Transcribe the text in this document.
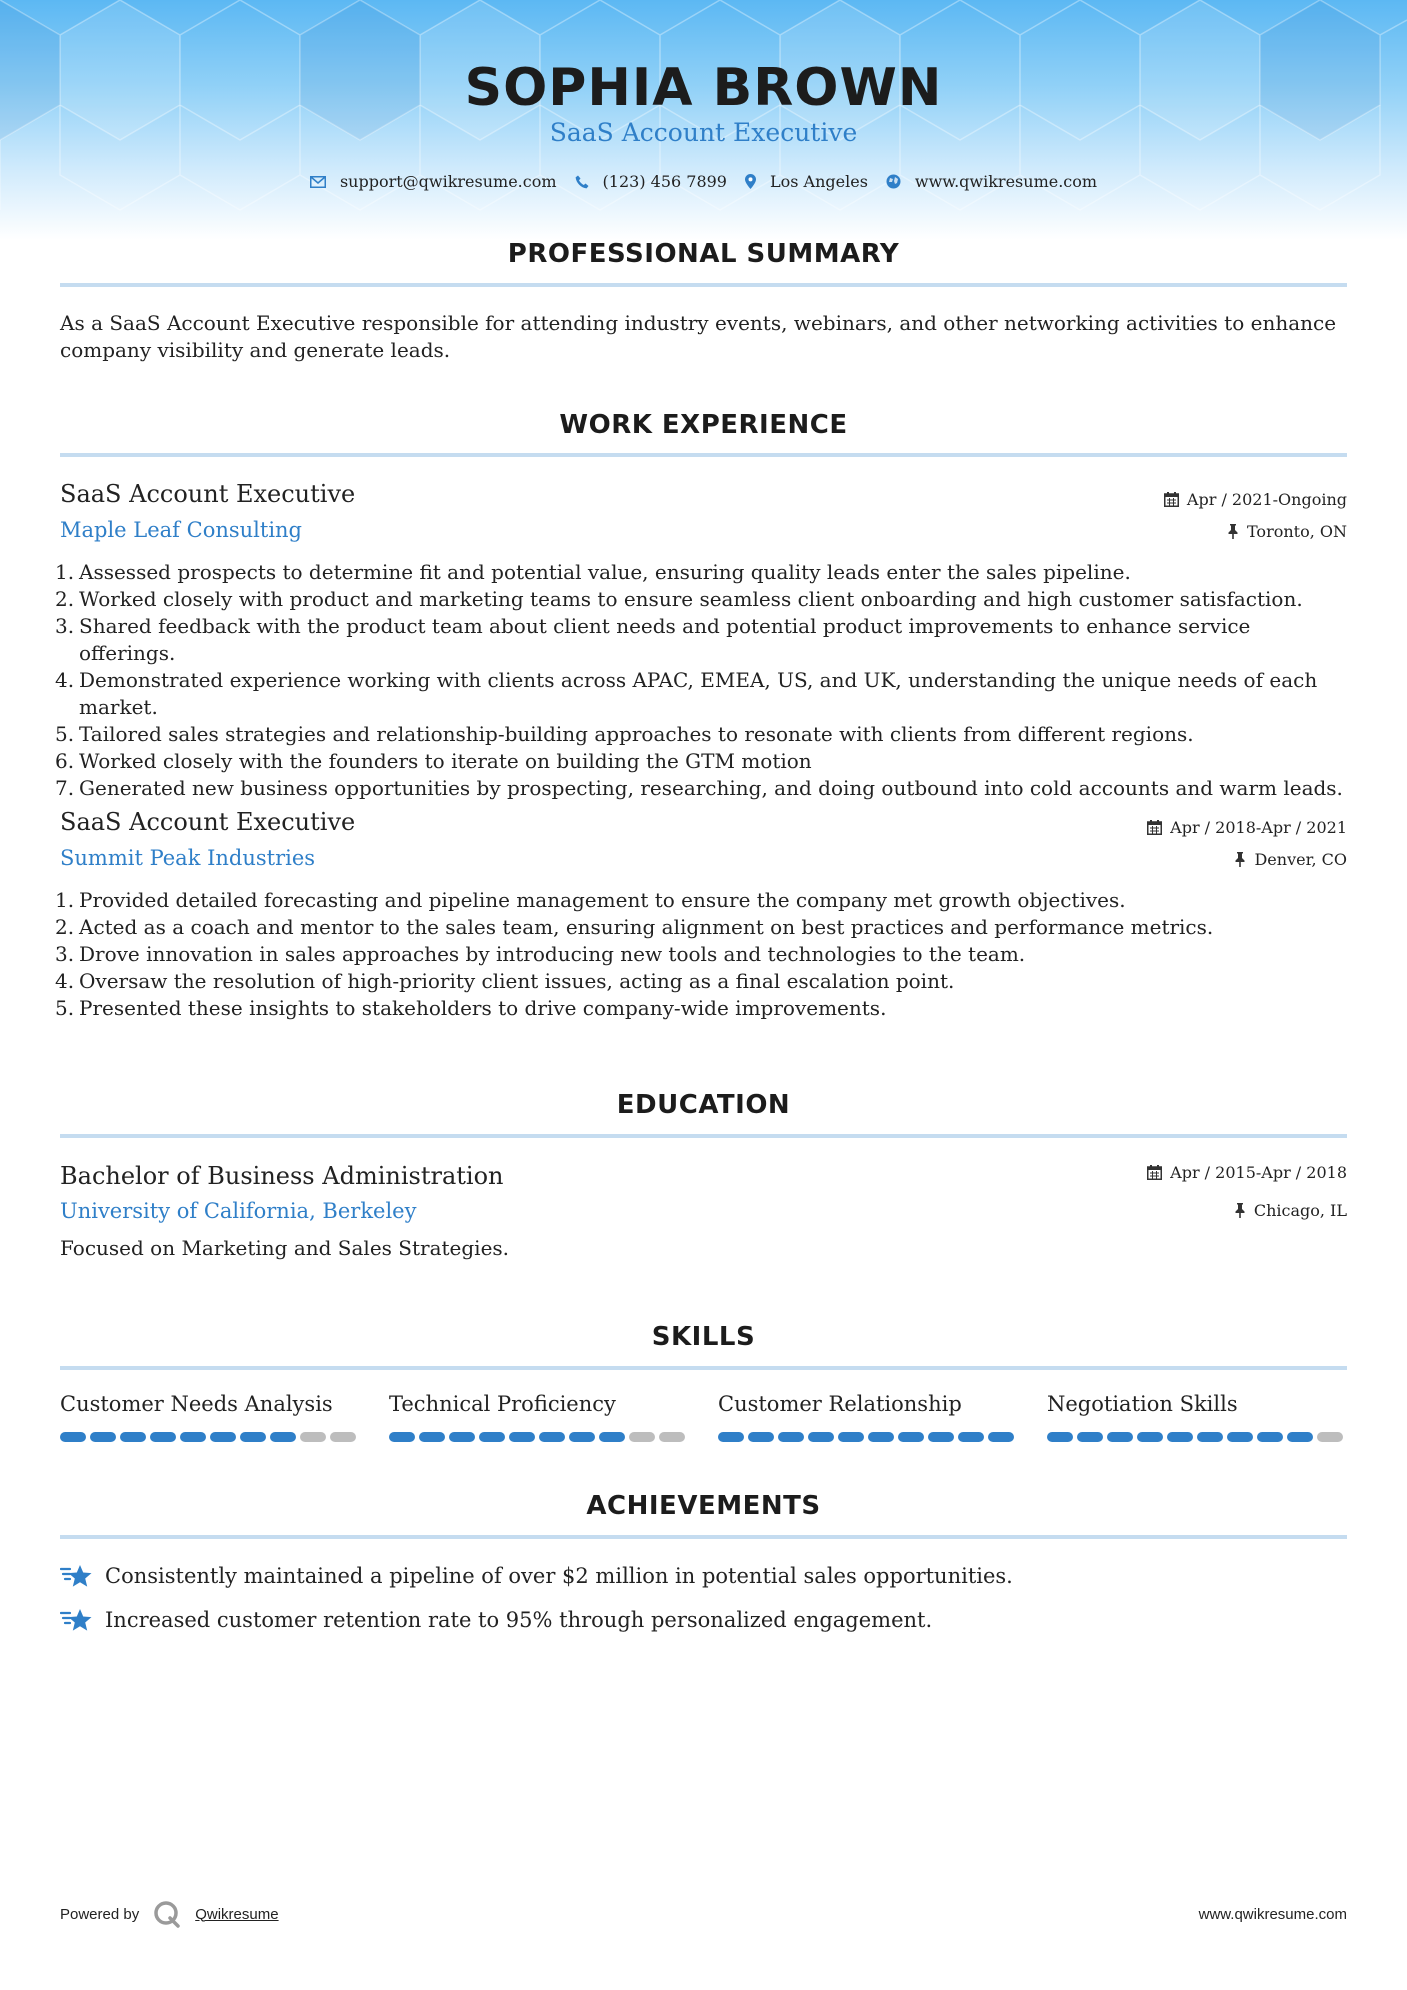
SOPHIA BROWN
SaaS Account Executive
support@qwikresume.com	(123) 456 7899	Los Angeles	www.qwikresume.com
PROFESSIONAL SUMMARY
As a SaaS Account Executive responsible for attending industry events, webinars, and other networking activities to enhance company visibility and generate leads.
WORK EXPERIENCE
SaaS Account Executive
Maple Leaf Consulting
Apr / 2021-Ongoing
Toronto, ON
1. Assessed prospects to determine fit and potential value, ensuring quality leads enter the sales pipeline.
2. Worked closely with product and marketing teams to ensure seamless client onboarding and high customer satisfaction.
3. Shared feedback with the product team about client needs and potential product improvements to enhance service offerings.
4. Demonstrated experience working with clients across APAC, EMEA, US, and UK, understanding the unique needs of each market.
5. Tailored sales strategies and relationship-building approaches to resonate with clients from different regions.
6. Worked closely with the founders to iterate on building the GTM motion
7. Generated new business opportunities by prospecting, researching, and doing outbound into cold accounts and warm leads.
SaaS Account Executive
Summit Peak Industries
Apr / 2018-Apr / 2021
Denver, CO
1. Provided detailed forecasting and pipeline management to ensure the company met growth objectives.
2. Acted as a coach and mentor to the sales team, ensuring alignment on best practices and performance metrics.
3. Drove innovation in sales approaches by introducing new tools and technologies to the team.
4. Oversaw the resolution of high-priority client issues, acting as a final escalation point.
5. Presented these insights to stakeholders to drive company-wide improvements.
EDUCATION
Bachelor of Business Administration
University of California, Berkeley
Apr / 2015-Apr / 2018
Chicago, IL
Focused on Marketing and Sales Strategies.
SKILLS
Customer Needs Analysis	Technical Proficiency	Customer Relationship	Negotiation Skills
ACHIEVEMENTS
Consistently maintained a pipeline of over $2 million in potential sales opportunities.
Increased customer retention rate to 95% through personalized engagement.
Powered by	Qwikresume	www.qwikresume.com
